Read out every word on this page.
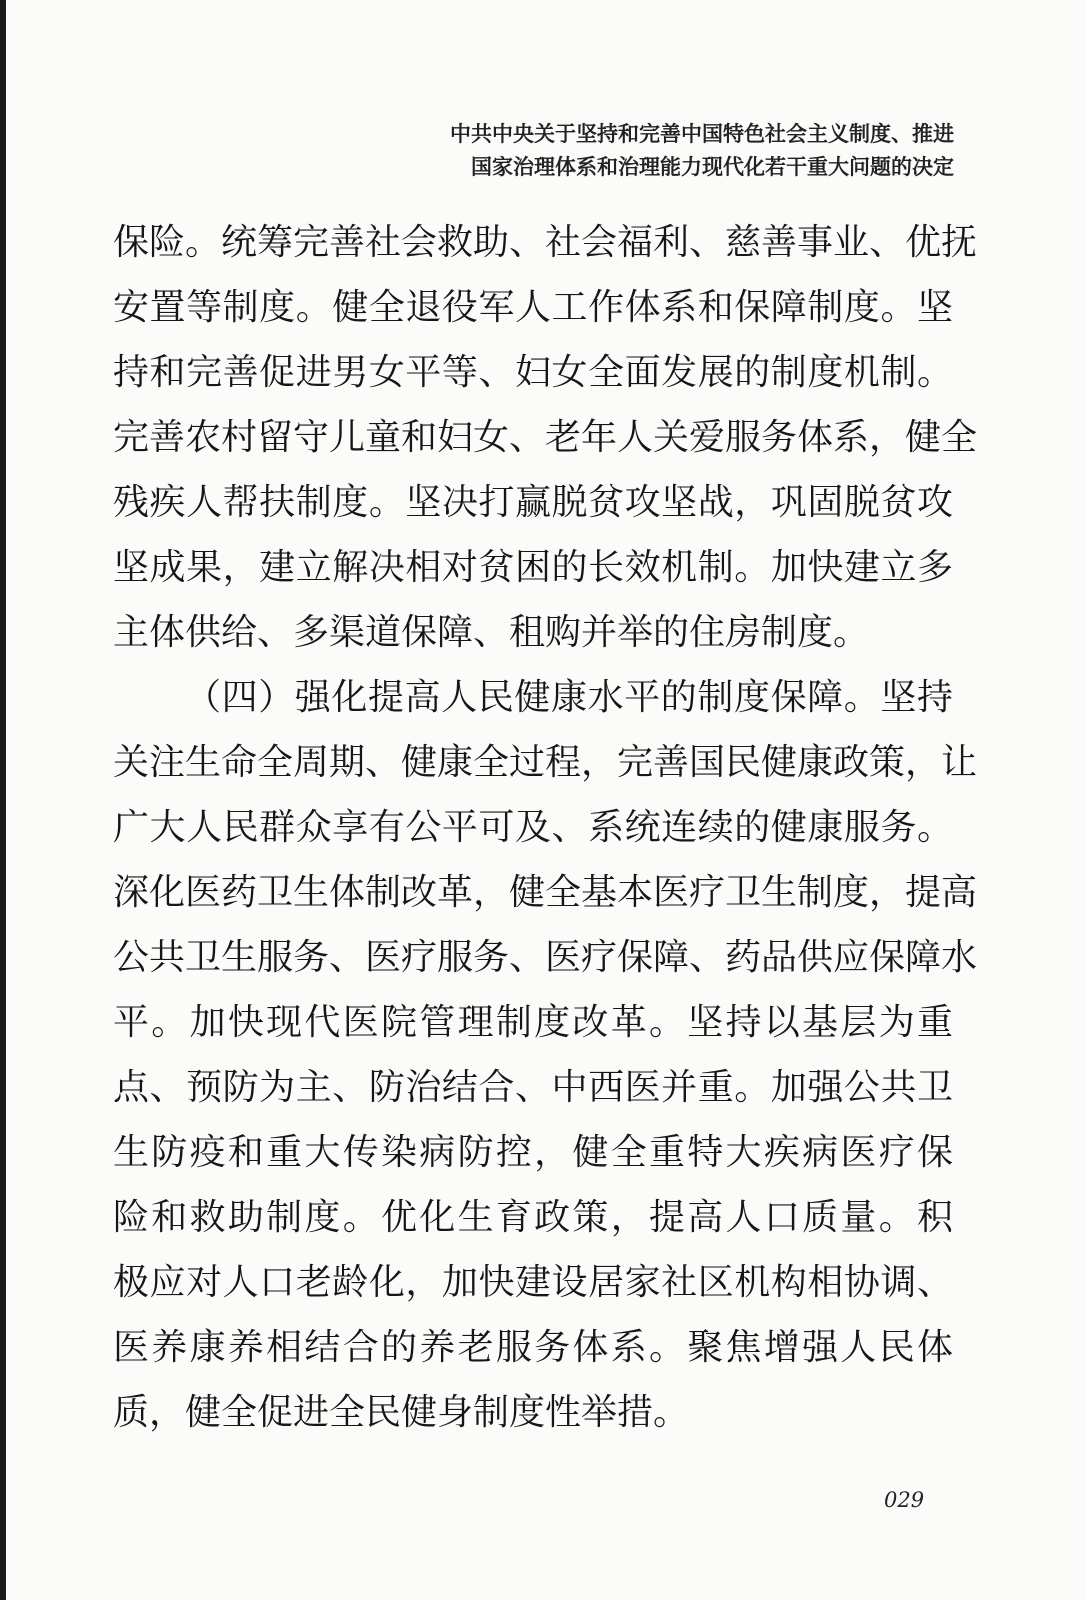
中共中央关于坚持和完善中国特色社会主义制度、推进
国家治理体系和治理能力现代化若干重大问题的决定
保险。统筹完善社会救助、社会福利、慈善事业、优抚
安置等制度。健全退役军人工作体系和保障制度。坚
持和完善促进男女平等、妇女全面发展的制度机制。
完善农村留守儿童和妇女、老年人关爱服务体系，健全
残疾人帮扶制度。坚决打赢脱贫攻坚战，巩固脱贫攻
坚成果，建立解决相对贫困的长效机制。加快建立多
主体供给、多渠道保障、租购并举的住房制度。
（四）强化提高人民健康水平的制度保障。坚持
关注生命全周期、健康全过程，完善国民健康政策，让
广大人民群众享有公平可及、系统连续的健康服务。
深化医药卫生体制改革，健全基本医疗卫生制度，提高
公共卫生服务、医疗服务、医疗保障、药品供应保障水
平。加快现代医院管理制度改革。坚持以基层为重
点、预防为主、防治结合、中西医并重。加强公共卫
生防疫和重大传染病防控，健全重特大疾病医疗保
险和救助制度。优化生育政策，提高人口质量。积
极应对人口老龄化，加快建设居家社区机构相协调、
医养康养相结合的养老服务体系。聚焦增强人民体
质，健全促进全民健身制度性举措。
029
